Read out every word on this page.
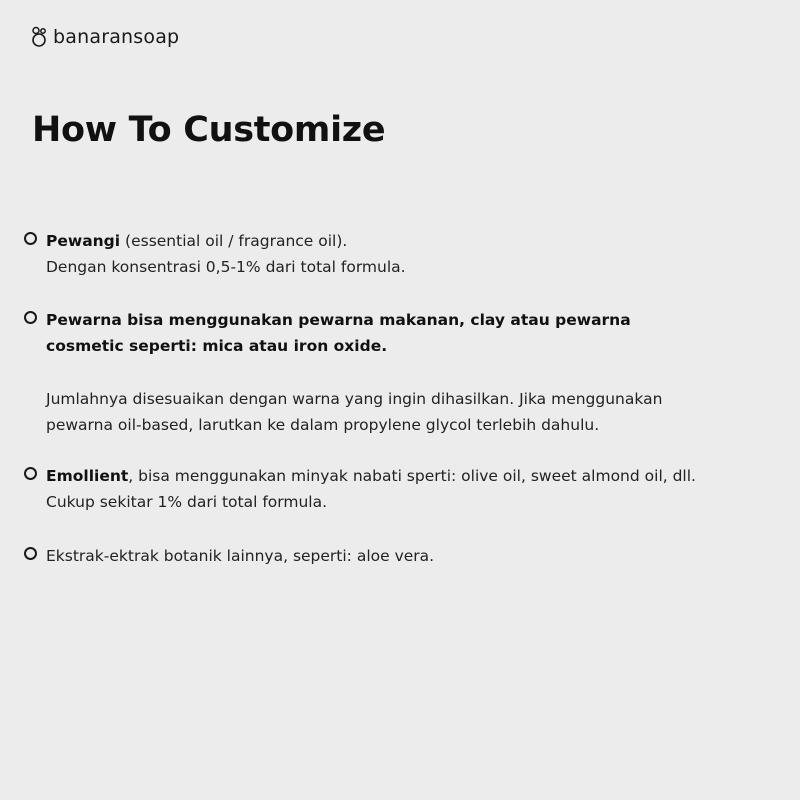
banaransoap
How To Customize
Pewangi (essential oil / fragrance oil).
Dengan konsentrasi 0,5-1% dari total formula.
Pewarna bisa menggunakan pewarna makanan, clay atau pewarna
cosmetic seperti: mica atau iron oxide.
Jumlahnya disesuaikan dengan warna yang ingin dihasilkan. Jika menggunakan
pewarna oil-based, larutkan ke dalam propylene glycol terlebih dahulu.
Emollient, bisa menggunakan minyak nabati sperti: olive oil, sweet almond oil, dll.
Cukup sekitar 1% dari total formula.
Ekstrak-ektrak botanik lainnya, seperti: aloe vera.
